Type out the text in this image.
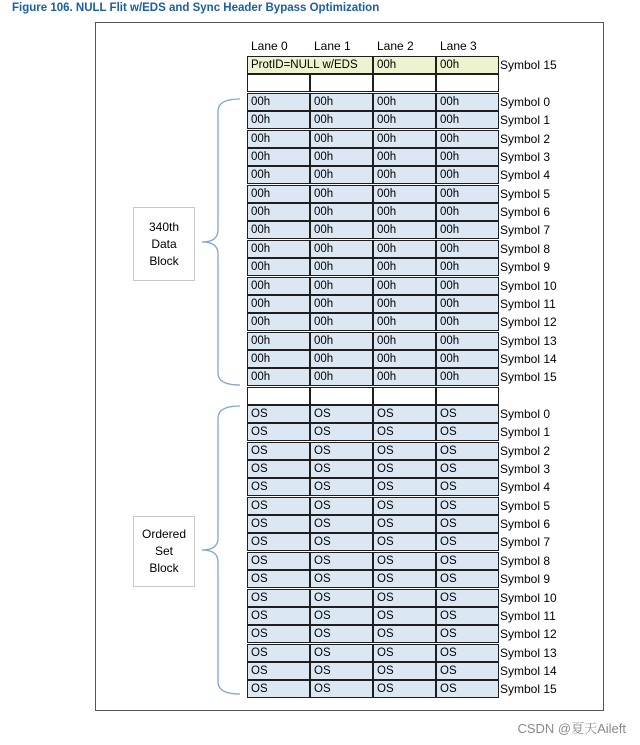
Figure 106. NULL Flit w/EDS and Sync Header Bypass Optimization
Lane 0 Lane 1 Lane 2 Lane 3
ProtID=NULL w/EDS	00h	00h	Symbol 15
00h	00h	00h	00h	Symbol 0
00h	00h	00h	00h	Symbol 1
00h	00h	00h	00h	Symbol 2
00h	00h	00h	00h	Symbol 3
00h	00h	00h	00h	Symbol 4
00h	00h	00h	00h	Symbol 5
00h	00h	00h	00h	Symbol 6
00h	00h	00h	00h	Symbol 7
00h	00h	00h	00h	Symbol 8
00h	00h	00h	00h	Symbol 9
00h	00h	00h	00h	Symbol 10
00h	00h	00h	00h	Symbol 11
00h	00h	00h	00h	Symbol 12
00h	00h	00h	00h	Symbol 13
00h	00h	00h	00h	Symbol 14
00h	00h	00h	00h	Symbol 15
OS	OS	OS	OS	Symbol 0
OS	OS	OS	OS	Symbol 1
OS	OS	OS	OS	Symbol 2
OS	OS	OS	OS	Symbol 3
OS	OS	OS	OS	Symbol 4
OS	OS	OS	OS	Symbol 5
OS	OS	OS	OS	Symbol 6
OS	OS	OS	OS	Symbol 7
OS	OS	OS	OS	Symbol 8
OS	OS	OS	OS	Symbol 9
OS	OS	OS	OS	Symbol 10
OS	OS	OS	OS	Symbol 11
OS	OS	OS	OS	Symbol 12
OS	OS	OS	OS	Symbol 13
OS	OS	OS	OS	Symbol 14
OS	OS	OS	OS	Symbol 15
340th
Data
Block
Ordered
Set
Block
CSDN @夏天Aileft
